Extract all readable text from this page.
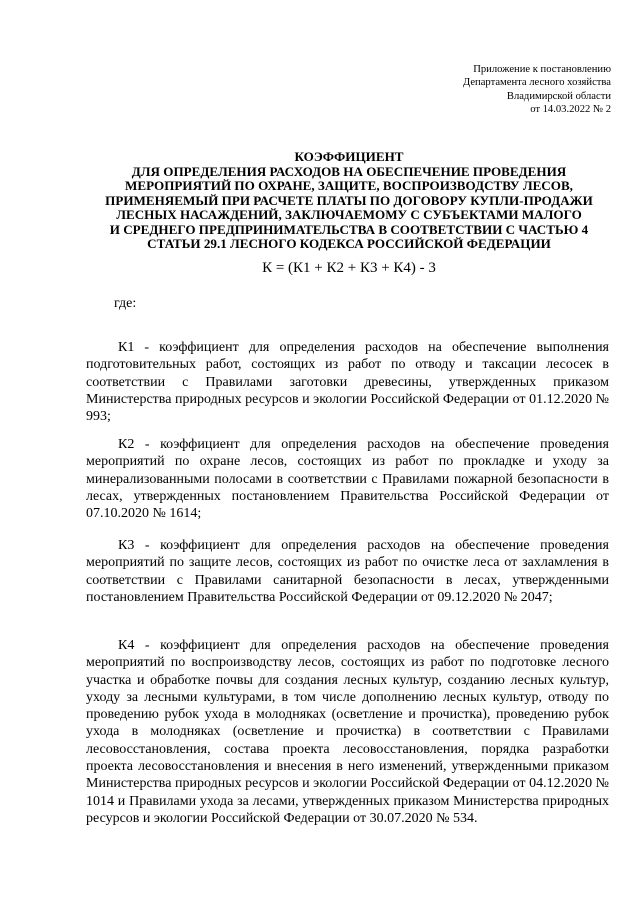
Приложение к постановлению
Департамента лесного хозяйства
Владимирской области
от 14.03.2022 № 2
КОЭФФИЦИЕНТ
ДЛЯ ОПРЕДЕЛЕНИЯ РАСХОДОВ НА ОБЕСПЕЧЕНИЕ ПРОВЕДЕНИЯ
МЕРОПРИЯТИЙ ПО ОХРАНЕ, ЗАЩИТЕ, ВОСПРОИЗВОДСТВУ ЛЕСОВ,
ПРИМЕНЯЕМЫЙ ПРИ РАСЧЕТЕ ПЛАТЫ ПО ДОГОВОРУ КУПЛИ-ПРОДАЖИ
ЛЕСНЫХ НАСАЖДЕНИЙ, ЗАКЛЮЧАЕМОМУ С СУБЪЕКТАМИ МАЛОГО
И СРЕДНЕГО ПРЕДПРИНИМАТЕЛЬСТВА В СООТВЕТСТВИИ С ЧАСТЬЮ 4
СТАТЬИ 29.1 ЛЕСНОГО КОДЕКСА РОССИЙСКОЙ ФЕДЕРАЦИИ
К = (К1 + К2 + К3 + К4) - 3
где:

К1 - коэффициент для определения расходов на обеспечение выполнения подготовительных работ, состоящих из работ по отводу и таксации лесосек в соответствии с Правилами заготовки древесины, утвержденных приказом Министерства природных ресурсов и экологии Российской Федерации от 01.12.2020 № 993;

К2 - коэффициент для определения расходов на обеспечение проведения мероприятий по охране лесов, состоящих из работ по прокладке и уходу за минерализованными полосами в соответствии с Правилами пожарной безопасности в лесах, утвержденных постановлением Правительства Российской Федерации от 07.10.2020 № 1614;

К3 - коэффициент для определения расходов на обеспечение проведения мероприятий по защите лесов, состоящих из работ по очистке леса от захламления в соответствии с Правилами санитарной безопасности в лесах, утвержденными постановлением Правительства Российской Федерации от 09.12.2020 № 2047;

К4 - коэффициент для определения расходов на обеспечение проведения мероприятий по воспроизводству лесов, состоящих из работ по подготовке лесного участка и обработке почвы для создания лесных культур, созданию лесных культур, уходу за лесными культурами, в том числе дополнению лесных культур, отводу по проведению рубок ухода в молодняках (осветление и прочистка), проведению рубок ухода в молодняках (осветление и прочистка) в соответствии с Правилами лесовосстановления, состава проекта лесовосстановления, порядка разработки проекта лесовосстановления и внесения в него изменений, утвержденными приказом Министерства природных ресурсов и экологии Российской Федерации от 04.12.2020 № 1014 и Правилами ухода за лесами, утвержденных приказом Министерства природных ресурсов и экологии Российской Федерации от 30.07.2020 № 534.
